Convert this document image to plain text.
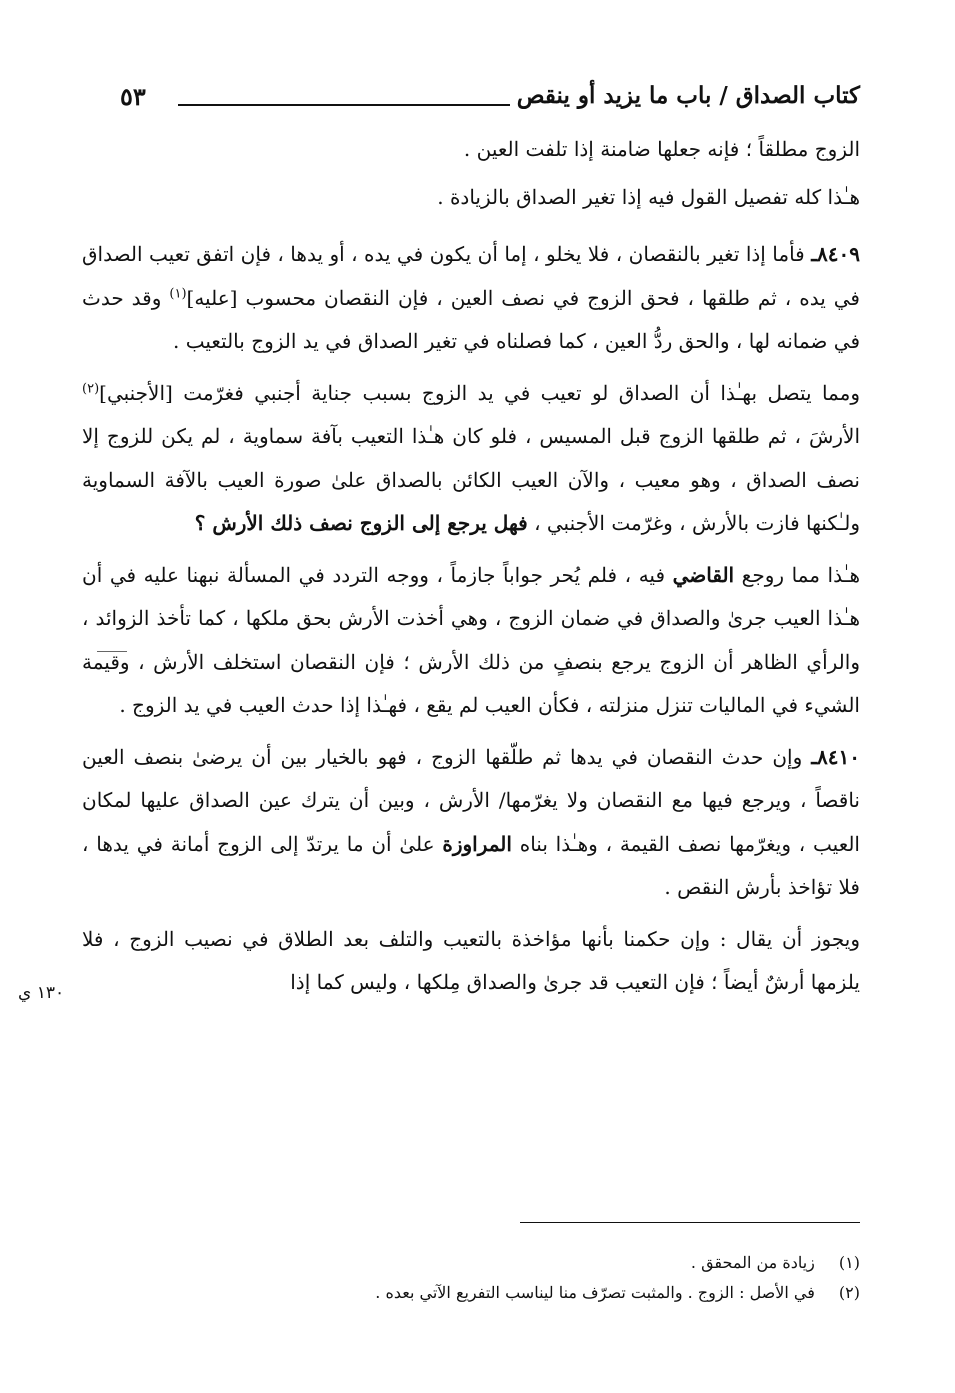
كتاب الصداق / باب ما يزيد أو ينقص
٥٣

الزوج مطلقاً ؛ فإنه جعلها ضامنة إذا تلفت العين .

هـٰذا كله تفصيل القول فيه إذا تغير الصداق بالزيادة .

٨٤٠٩ـ فأما إذا تغير بالنقصان ، فلا يخلو ، إما أن يكون في يده ، أو يدها ، فإن اتفق تعيب الصداق في يده ، ثم طلقها ، فحق الزوج في نصف العين ، فإن النقصان محسوب [عليه]$^{(١)}$ وقد حدث في ضمانه لها ، والحق ردُّ العين ، كما فصلناه في تغير الصداق في يد الزوج بالتعيب .

ومما يتصل بهـٰذا أن الصداق لو تعيب في يد الزوج بسبب جناية أجنبي فغرّمت [الأجنبي]$^{(٢)}$ الأرشَ ، ثم طلقها الزوج قبل المسيس ، فلو كان هـٰذا التعيب بآفة سماوية ، لم يكن للزوج إلا نصف الصداق ، وهو معيب ، والآن العيب الكائن بالصداق علىٰ صورة العيب بالآفة السماوية ولـٰكنها فازت بالأرش ، وغرّمت الأجنبي ، فهل يرجع إلى الزوج نصف ذلك الأرش ؟

هـٰذا مما روجع القاضي فيه ، فلم يُحر جواباً جازماً ، ووجه التردد في المسألة نبهنا عليه في أن هـٰذا العيب جرىٰ والصداق في ضمان الزوج ، وهي أخذت الأرش بحق ملكها ، كما تأخذ الزوائد ، والرأي الظاهر أن الزوج يرجع بنصفٍ من ذلك الأرش ؛ فإن النقصان استخلف الأرش ، وقيمة الشيء في الماليات تنزل منزلته ، فكأن العيب لم يقع ، فهـٰذا إذا حدث العيب في يد الزوج .

٨٤١٠ـ وإن حدث النقصان في يدها ثم طلّقها الزوج ، فهو بالخيار بين أن يرضىٰ بنصف العين ناقصاً ، ويرجع فيها مع النقصان ولا يغرّمها/ الأرش ، وبين أن يترك عين الصداق عليها لمكان العيب ، ويغرّمها نصف القيمة ، وهـٰذا بناه المراوزة علىٰ أن ما يرتدّ إلى الزوج أمانة في يدها ، فلا تؤاخذ بأرش النقص .

ويجوز أن يقال : وإن حكمنا بأنها مؤاخذة بالتعيب والتلف بعد الطلاق في نصيب الزوج ، فلا يلزمها أرشٌ أيضاً ؛ فإن التعيب قد جرىٰ والصداق مِلكها ، وليس كما إذا

١٣٠ ي
(١) زيادة من المحقق .
(٢) في الأصل : الزوج . والمثبت تصرّف منا ليناسب التفريع الآتي بعده .
